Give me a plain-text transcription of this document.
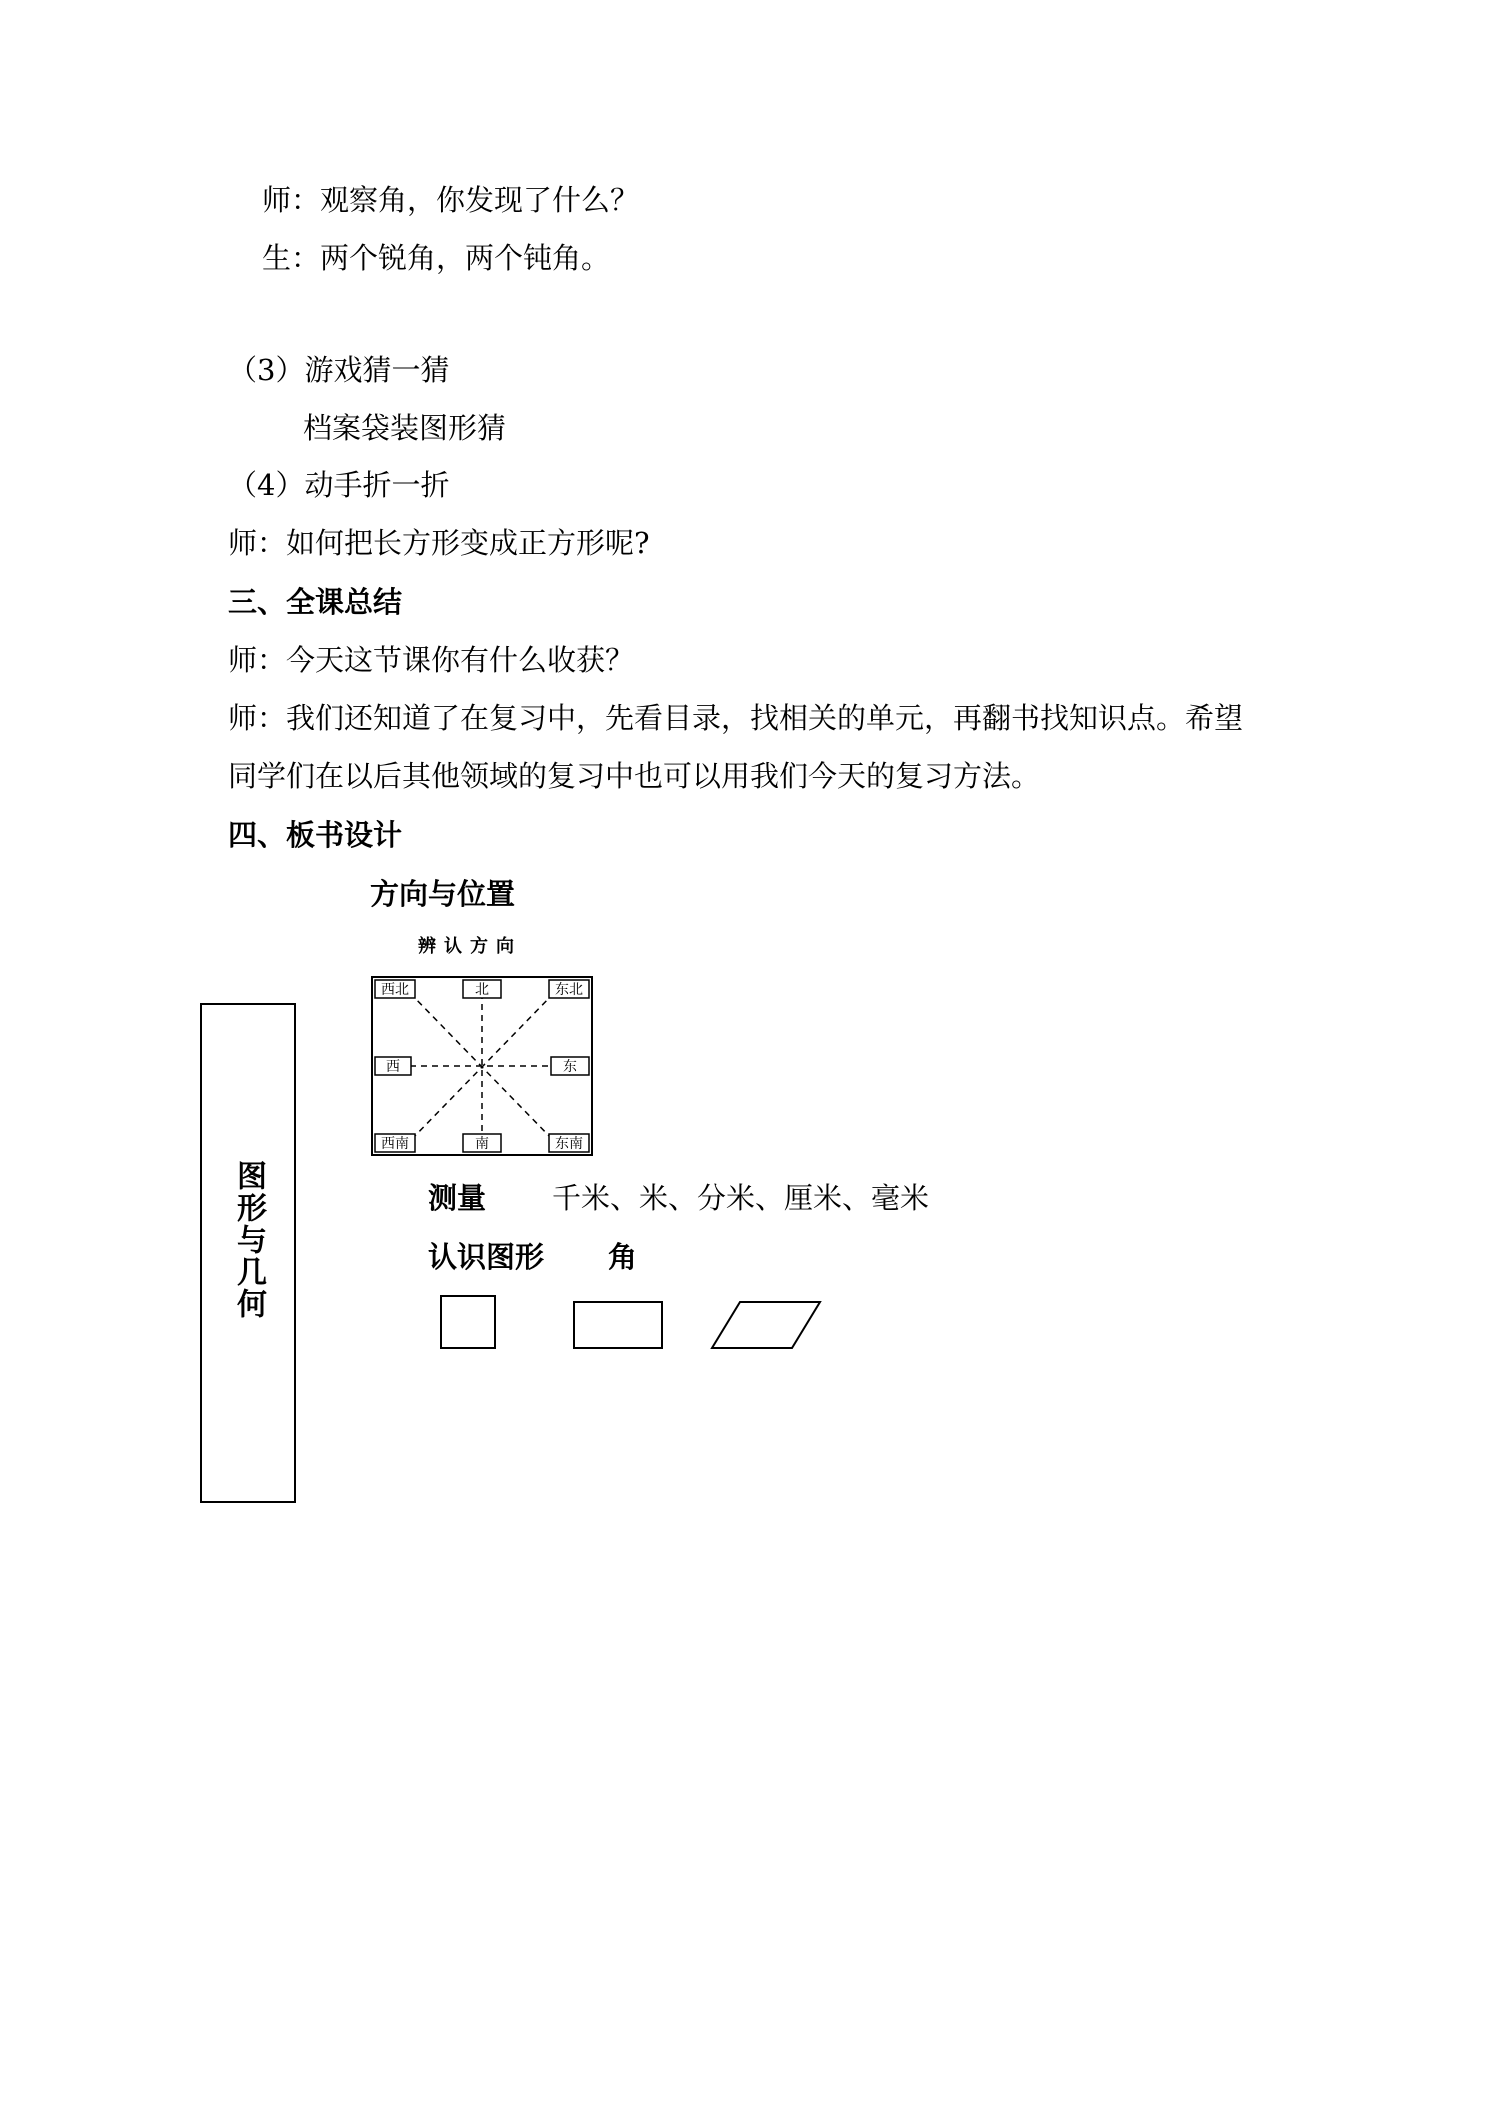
师：观察角，你发现了什么？
生：两个锐角，两个钝角。
（3）游戏猜一猜
档案袋装图形猜
（4）动手折一折
师：如何把长方形变成正方形呢?
三、全课总结
师：今天这节课你有什么收获？
师：我们还知道了在复习中，先看目录，找相关的单元，再翻书找知识点。希望
同学们在以后其他领域的复习中也可以用我们今天的复习方法。
四、板书设计
图形与几何
方向与位置
辨认方向
西北	北	东北
西	东
西南	南	东南
测量 千米、米、分米、厘米、毫米
认识图形 角
